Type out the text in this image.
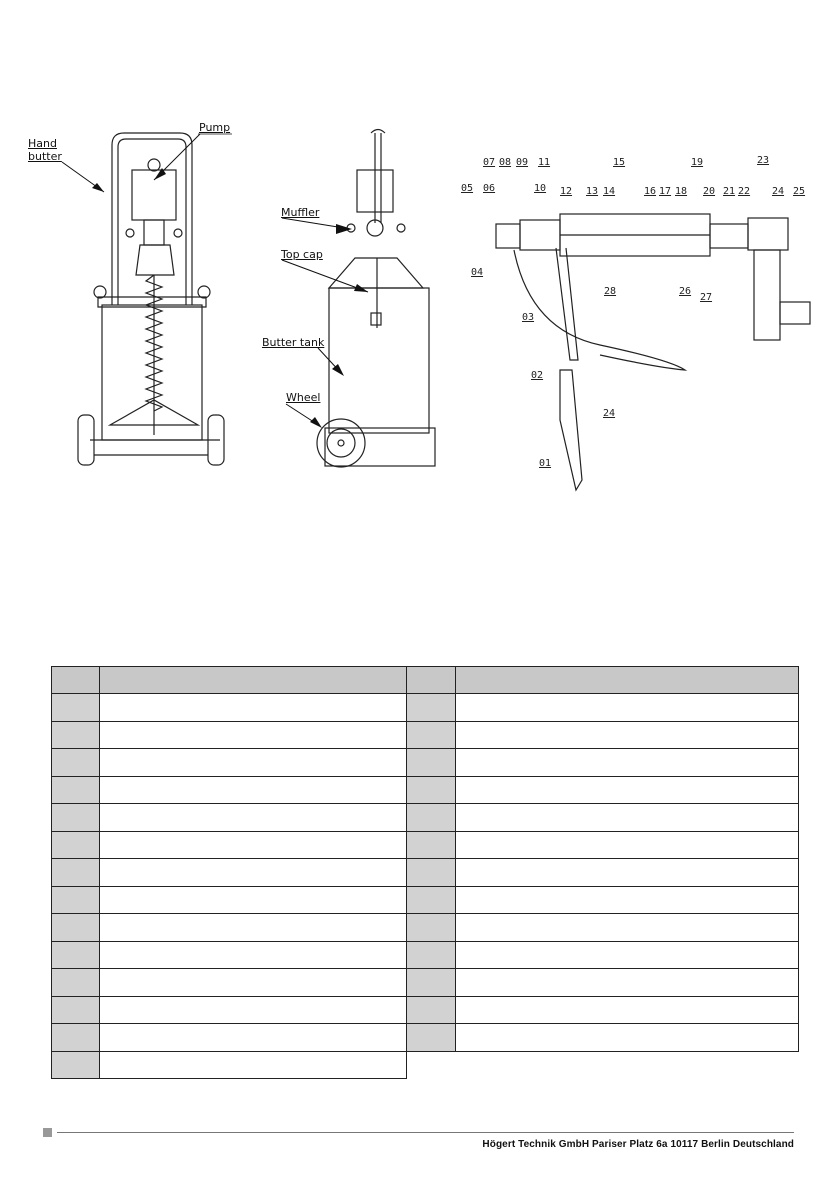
Pump
Hand
butter
Muffler
Top cap
Butter tank
Wheel
01
02
03
04
05 06
07 08 09
10
11
12 13 14
15
16 17 18
19
20 21 22
23
24
24
25
26
27
28

Högert Technik GmbH Pariser Platz 6a 10117 Berlin Deutschland
